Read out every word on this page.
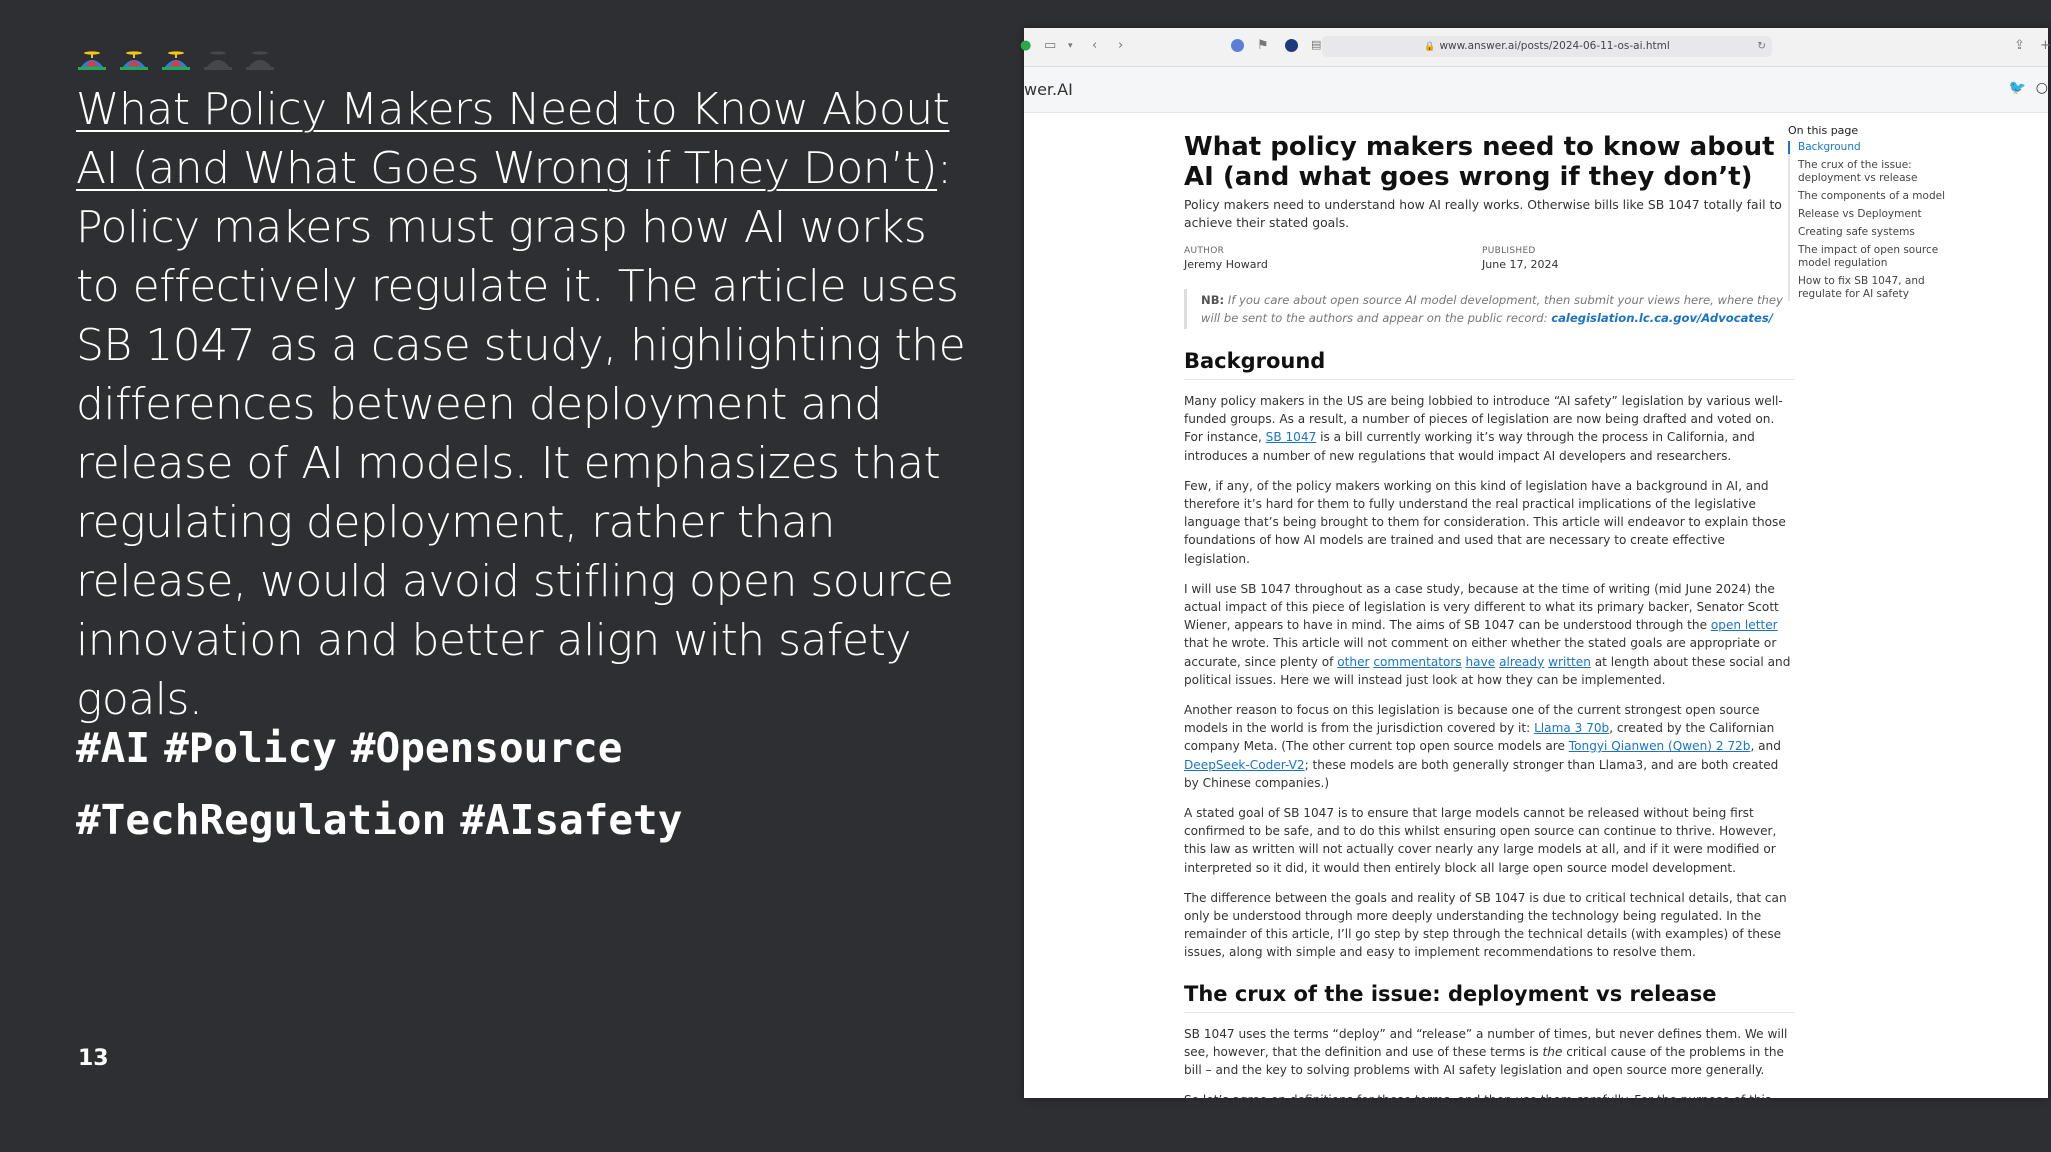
What Policy Makers Need to Know About AI (and What Goes Wrong if They Don’t): Policy makers must grasp how AI works to effectively regulate it. The article uses SB 1047 as a case study, highlighting the differences between deployment and release of AI models. It emphasizes that regulating deployment, rather than release, would avoid stifling open source innovation and better align with safety goals.
#AI #Policy #Opensource
#TechRegulation #AIsafety
13
● ▭ ▾ ‹ ›	⚑	▤	🔒 www.answer.ai/posts/2024-06-11-os-ai.html	↻	⇪ +
wer.AI	🐦 ○
What policy makers need to know about AI (and what goes wrong if they don’t)

Policy makers need to understand how AI really works. Otherwise bills like SB 1047 totally fail to achieve their stated goals.

AUTHOR
Jeremy Howard
PUBLISHED
June 17, 2024
NB: If you care about open source AI model development, then submit your views here, where they will be sent to the authors and appear on the public record: calegislation.lc.ca.gov/Advocates/
Background

Many policy makers in the US are being lobbied to introduce “AI safety” legislation by various well-funded groups. As a result, a number of pieces of legislation are now being drafted and voted on. For instance, SB 1047 is a bill currently working it’s way through the process in California, and introduces a number of new regulations that would impact AI developers and researchers.

Few, if any, of the policy makers working on this kind of legislation have a background in AI, and therefore it’s hard for them to fully understand the real practical implications of the legislative language that’s being brought to them for consideration. This article will endeavor to explain those foundations of how AI models are trained and used that are necessary to create effective legislation.

I will use SB 1047 throughout as a case study, because at the time of writing (mid June 2024) the actual impact of this piece of legislation is very different to what its primary backer, Senator Scott Wiener, appears to have in mind. The aims of SB 1047 can be understood through the open letter that he wrote. This article will not comment on either whether the stated goals are appropriate or accurate, since plenty of other commentators have already written at length about these social and political issues. Here we will instead just look at how they can be implemented.

Another reason to focus on this legislation is because one of the current strongest open source models in the world is from the jurisdiction covered by it: Llama 3 70b, created by the Californian company Meta. (The other current top open source models are Tongyi Qianwen (Qwen) 2 72b, and DeepSeek-Coder-V2; these models are both generally stronger than Llama3, and are both created by Chinese companies.)

A stated goal of SB 1047 is to ensure that large models cannot be released without being first confirmed to be safe, and to do this whilst ensuring open source can continue to thrive. However, this law as written will not actually cover nearly any large models at all, and if it were modified or interpreted so it did, it would then entirely block all large open source model development.

The difference between the goals and reality of SB 1047 is due to critical technical details, that can only be understood through more deeply understanding the technology being regulated. In the remainder of this article, I’ll go step by step through the technical details (with examples) of these issues, along with simple and easy to implement recommendations to resolve them.

The crux of the issue: deployment vs release

SB 1047 uses the terms “deploy” and “release” a number of times, but never defines them. We will see, however, that the definition and use of these terms is the critical cause of the problems in the bill – and the key to solving problems with AI safety legislation and open source more generally.

So let’s agree on definitions for these terms, and then use them carefully. For the purpose of this

On this page
Background
The crux of the issue: deployment vs release
The components of a model
Release vs Deployment
Creating safe systems
The impact of open source model regulation
How to fix SB 1047, and regulate for AI safety
